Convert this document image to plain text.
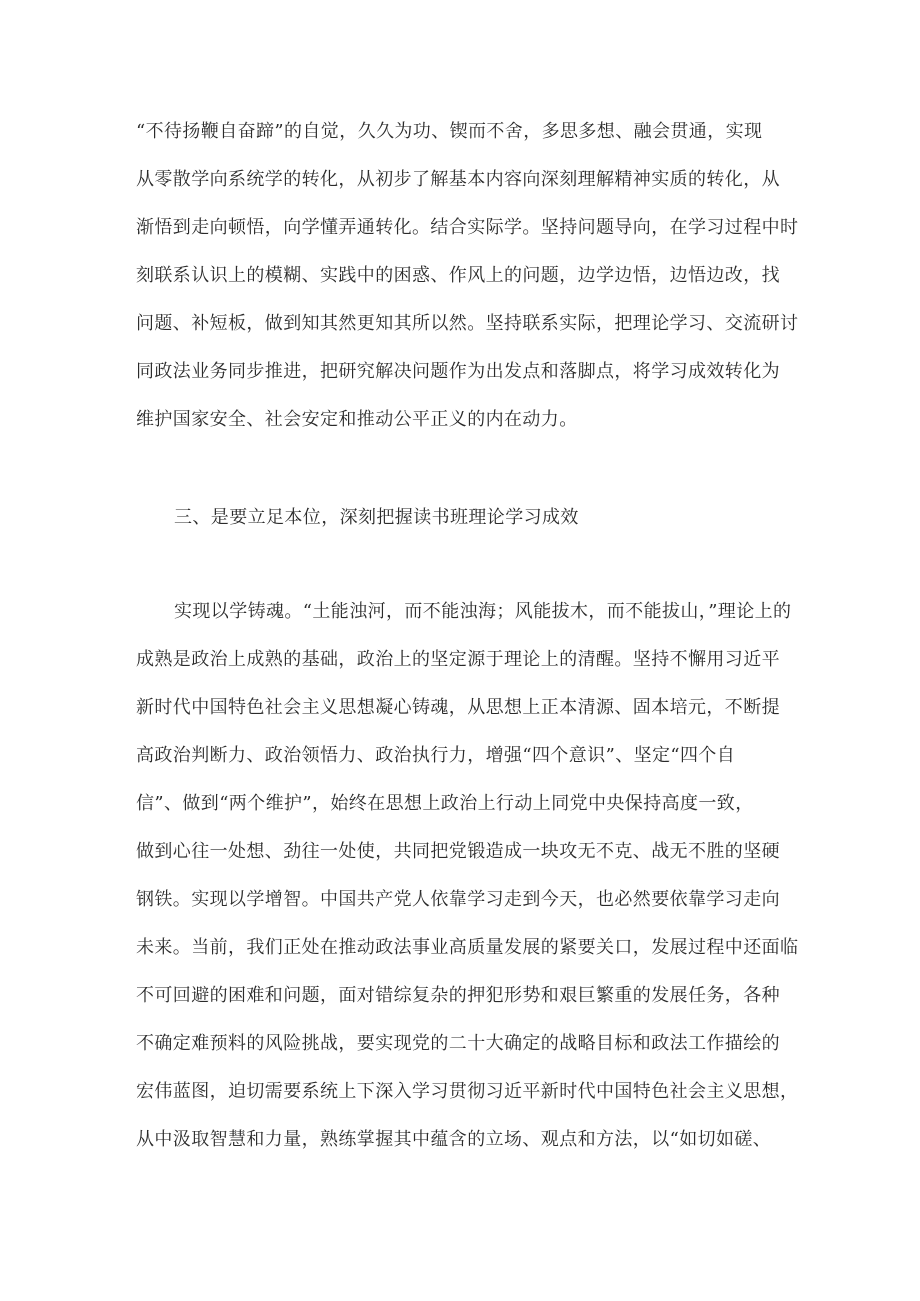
“不待扬鞭自奋蹄”的自觉，久久为功、锲而不舍，多思多想、融会贯通，实现
从零散学向系统学的转化，从初步了解基本内容向深刻理解精神实质的转化，从
渐悟到走向顿悟，向学懂弄通转化。结合实际学。坚持问题导向，在学习过程中时
刻联系认识上的模糊、实践中的困惑、作风上的问题，边学边悟，边悟边改，找
问题、补短板，做到知其然更知其所以然。坚持联系实际，把理论学习、交流研讨
同政法业务同步推进，把研究解决问题作为出发点和落脚点，将学习成效转化为
维护国家安全、社会安定和推动公平正义的内在动力。
三、是要立足本位，深刻把握读书班理论学习成效
实现以学铸魂。“土能浊河，而不能浊海；风能拔木，而不能拔山，”理论上的
成熟是政治上成熟的基础，政治上的坚定源于理论上的清醒。坚持不懈用习近平
新时代中国特色社会主义思想凝心铸魂，从思想上正本清源、固本培元，不断提
高政治判断力、政治领悟力、政治执行力，增强“四个意识”、坚定“四个自
信”、做到“两个维护”，始终在思想上政治上行动上同党中央保持高度一致，
做到心往一处想、劲往一处使，共同把党锻造成一块攻无不克、战无不胜的坚硬
钢铁。实现以学增智。中国共产党人依靠学习走到今天，也必然要依靠学习走向
未来。当前，我们正处在推动政法事业高质量发展的紧要关口，发展过程中还面临
不可回避的困难和问题，面对错综复杂的押犯形势和艰巨繁重的发展任务，各种
不确定难预料的风险挑战，要实现党的二十大确定的战略目标和政法工作描绘的
宏伟蓝图，迫切需要系统上下深入学习贯彻习近平新时代中国特色社会主义思想，
从中汲取智慧和力量，熟练掌握其中蕴含的立场、观点和方法，以“如切如磋、
